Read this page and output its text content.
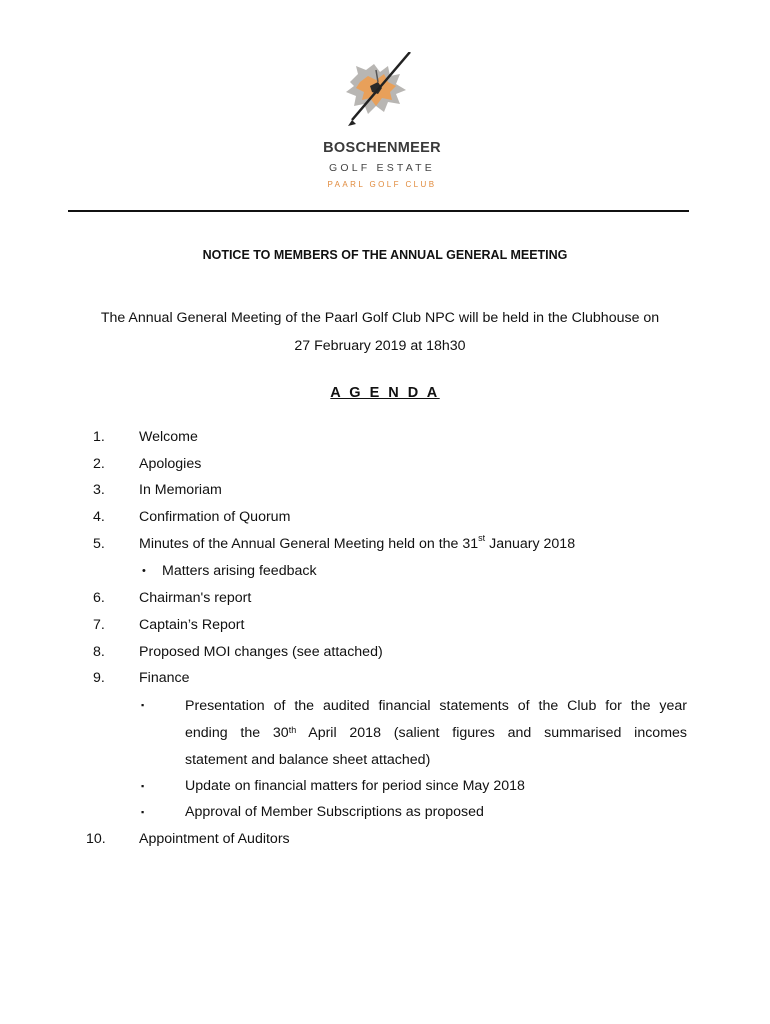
BOSCHENMEER
GOLF ESTATE
PAARL GOLF CLUB
NOTICE TO MEMBERS OF THE ANNUAL GENERAL MEETING
The Annual General Meeting of the Paarl Golf Club NPC will be held in the Clubhouse on
27 February 2019 at 18h30
A G E N D A
1. Welcome
2. Apologies
3. In Memoriam
4. Confirmation of Quorum
5. Minutes of the Annual General Meeting held on the 31st January 2018
• Matters arising feedback
6. Chairman's report
7. Captain’s Report
8. Proposed MOI changes (see attached)
9. Finance
▪	Presentation of the audited financial statements of the Club for the year
ending the 30th April 2018 (salient figures and summarised incomes
statement and balance sheet attached)
▪	Update on financial matters for period since May 2018
▪	Approval of Member Subscriptions as proposed
10. Appointment of Auditors
